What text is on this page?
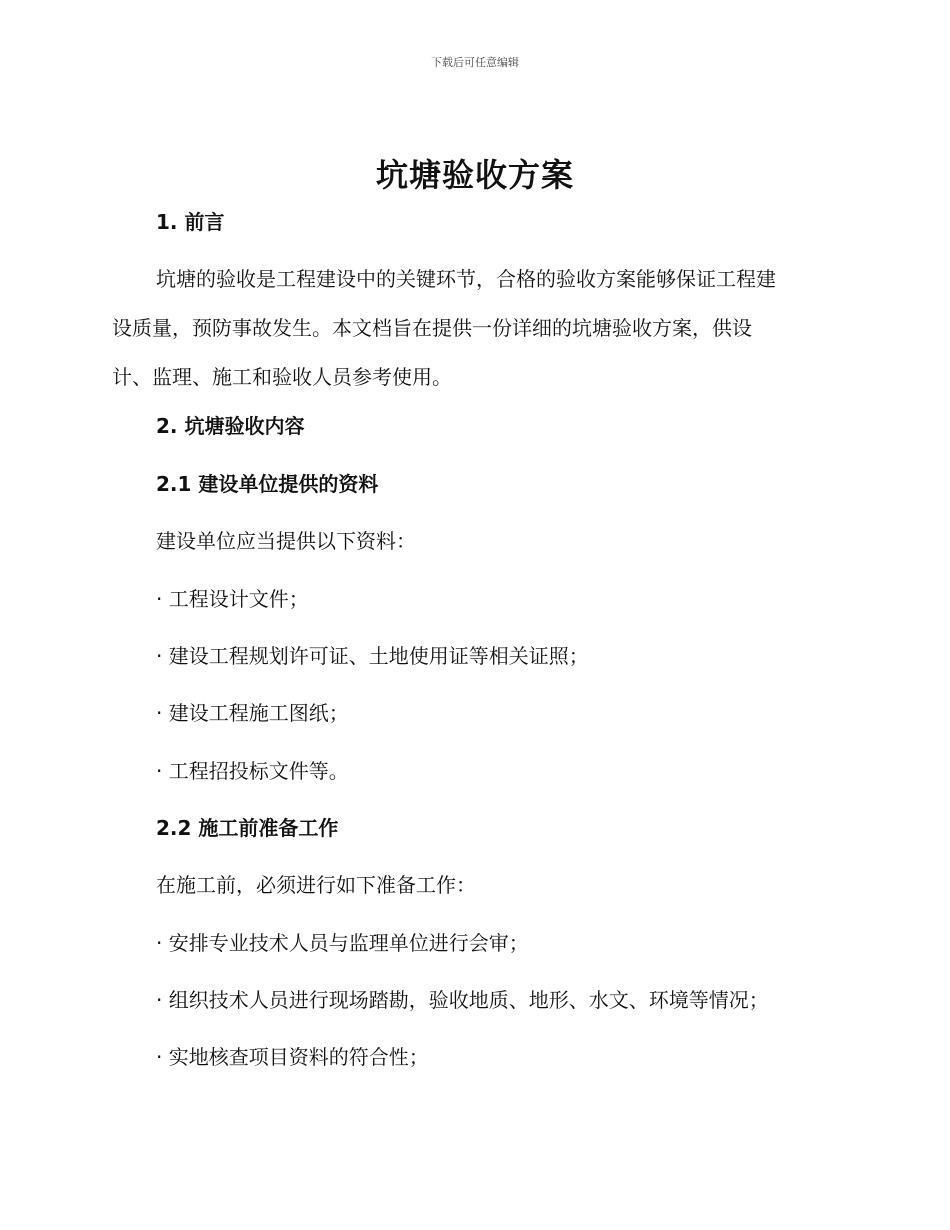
下载后可任意编辑
坑塘验收方案
1. 前言
坑塘的验收是工程建设中的关键环节，合格的验收方案能够保证工程建
设质量，预防事故发生。本文档旨在提供一份详细的坑塘验收方案，供设
计、监理、施工和验收人员参考使用。
2. 坑塘验收内容
2.1 建设单位提供的资料
建设单位应当提供以下资料：
· 工程设计文件；
· 建设工程规划许可证、土地使用证等相关证照；
· 建设工程施工图纸；
· 工程招投标文件等。
2.2 施工前准备工作
在施工前，必须进行如下准备工作：
· 安排专业技术人员与监理单位进行会审；
· 组织技术人员进行现场踏勘，验收地质、地形、水文、环境等情况；
· 实地核查项目资料的符合性；
